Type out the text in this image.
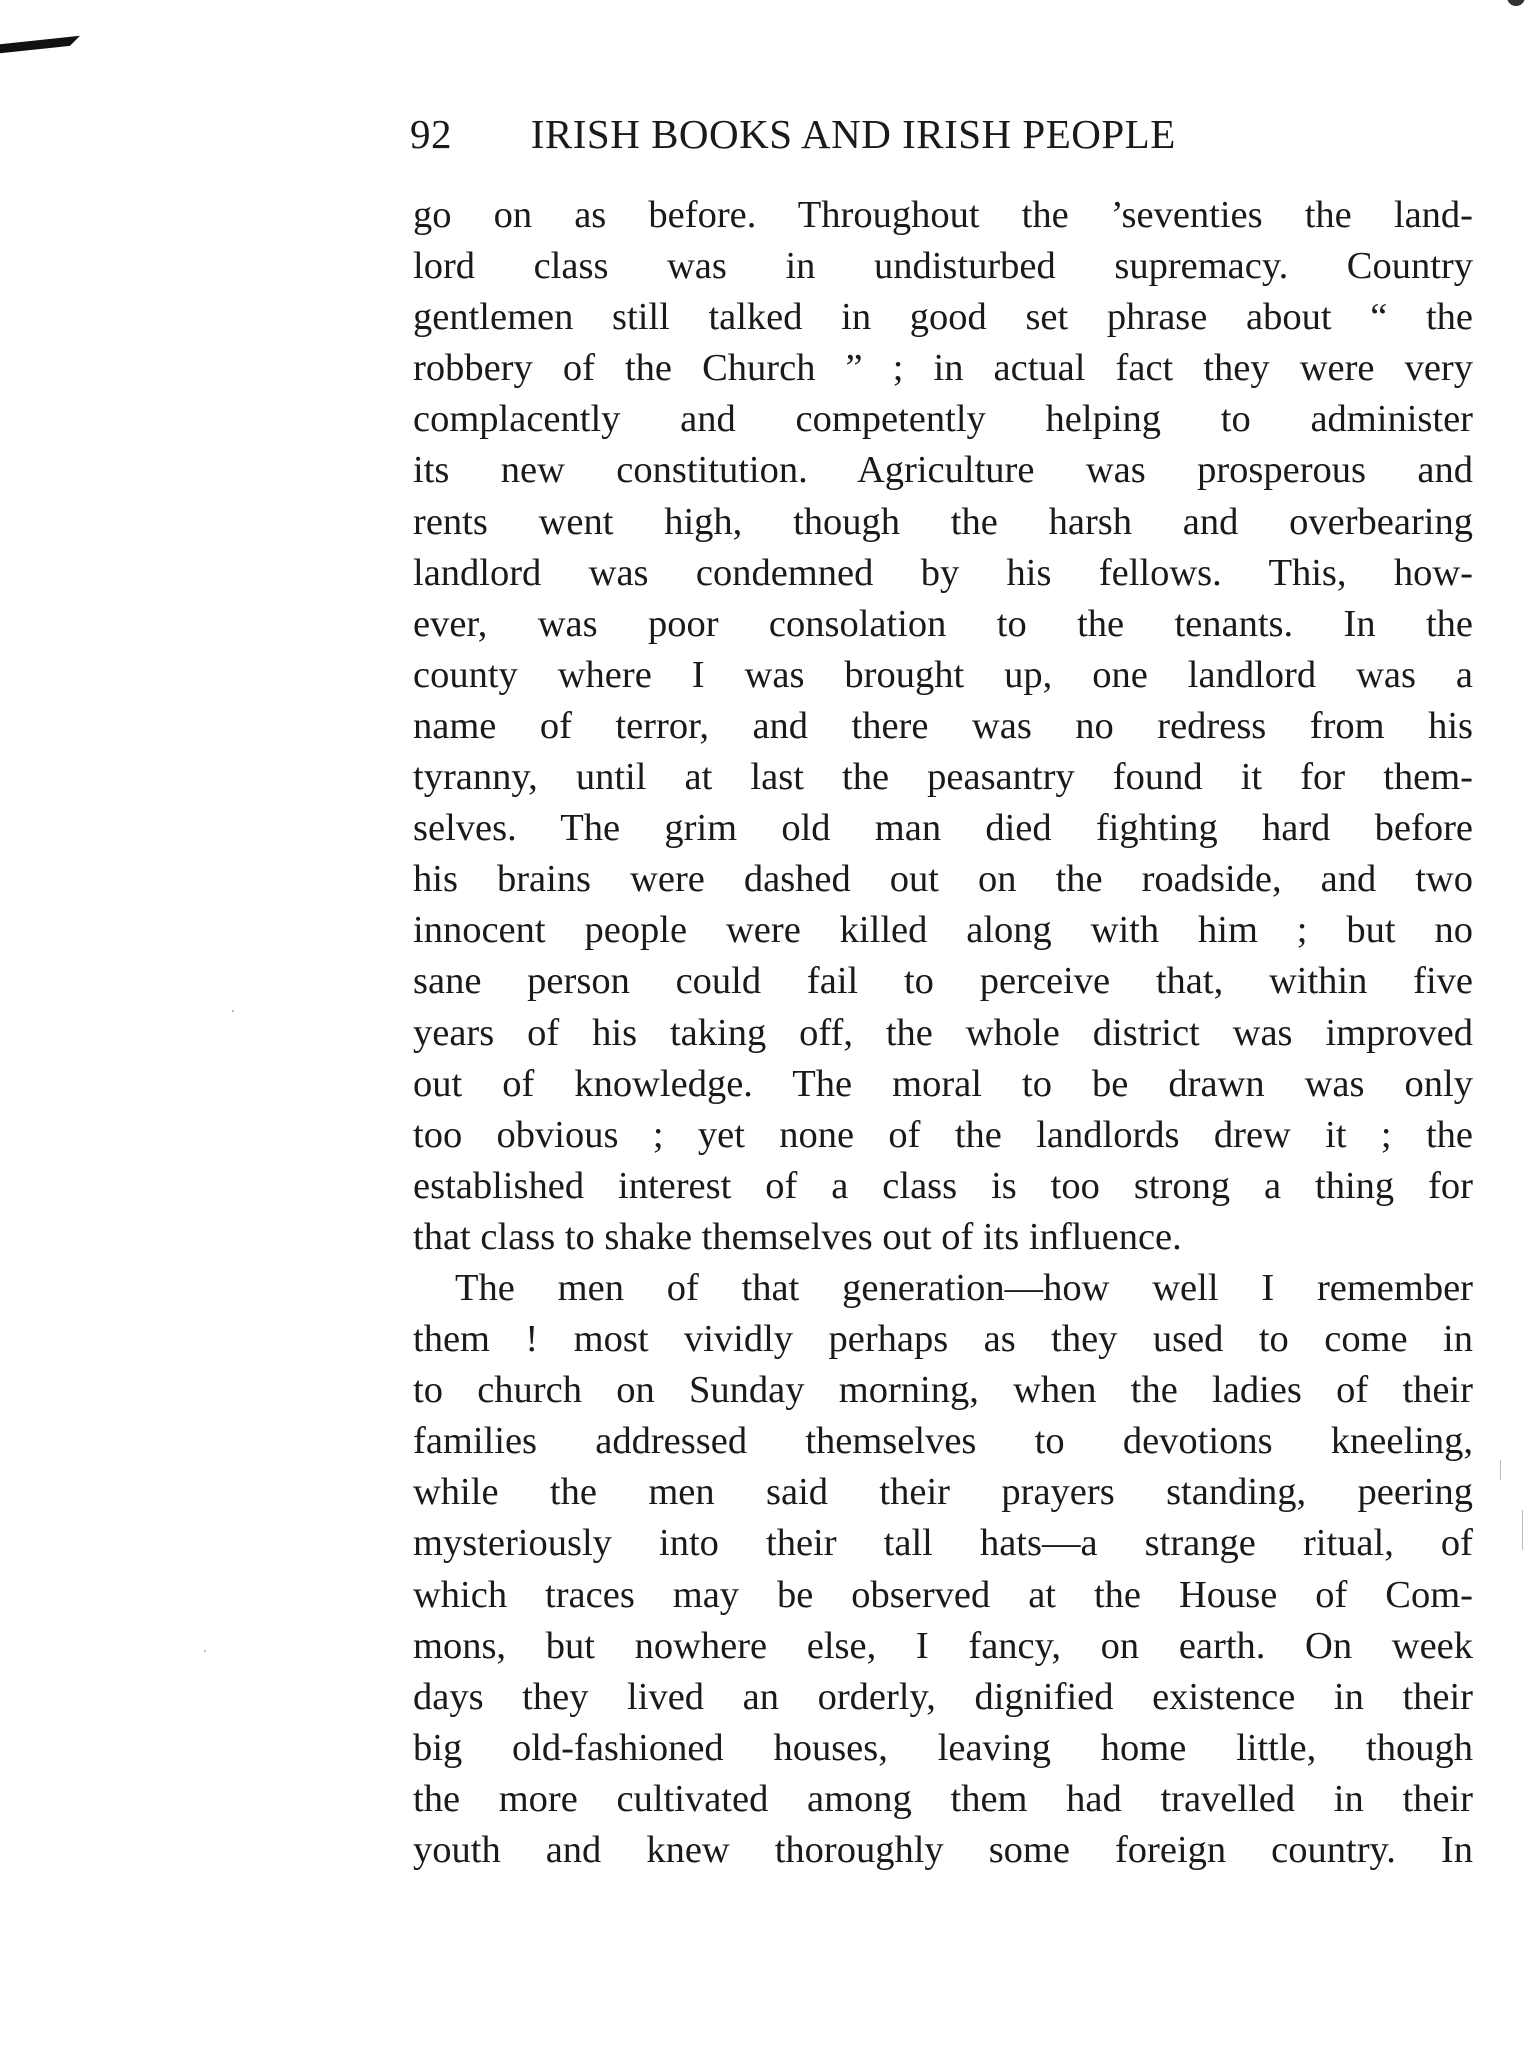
92 IRISH BOOKS AND IRISH PEOPLE
go on as before. Throughout the ’seventies the land-
lord class was in undisturbed supremacy. Country
gentlemen still talked in good set phrase about “ the
robbery of the Church ” ; in actual fact they were very
complacently and competently helping to administer
its new constitution. Agriculture was prosperous and
rents went high, though the harsh and overbearing
landlord was condemned by his fellows. This, how-
ever, was poor consolation to the tenants. In the
county where I was brought up, one landlord was a
name of terror, and there was no redress from his
tyranny, until at last the peasantry found it for them-
selves. The grim old man died fighting hard before
his brains were dashed out on the roadside, and two
innocent people were killed along with him ; but no
sane person could fail to perceive that, within five
years of his taking off, the whole district was improved
out of knowledge. The moral to be drawn was only
too obvious ; yet none of the landlords drew it ; the
established interest of a class is too strong a thing for
that class to shake themselves out of its influence.
The men of that generation—how well I remember
them ! most vividly perhaps as they used to come in
to church on Sunday morning, when the ladies of their
families addressed themselves to devotions kneeling,
while the men said their prayers standing, peering
mysteriously into their tall hats—a strange ritual, of
which traces may be observed at the House of Com-
mons, but nowhere else, I fancy, on earth. On week
days they lived an orderly, dignified existence in their
big old-fashioned houses, leaving home little, though
the more cultivated among them had travelled in their
youth and knew thoroughly some foreign country. In
